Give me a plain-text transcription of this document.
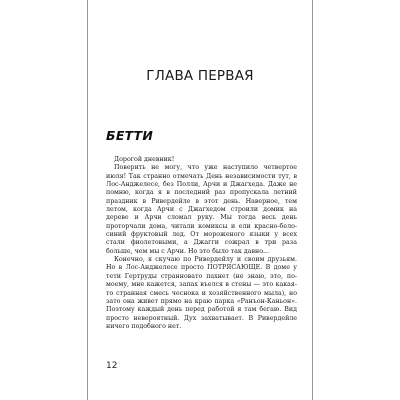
ГЛАВА ПЕРВАЯ
БЕТТИ

Дорогой дневник!

Поверить не могу, что уже наступило четвертое июля! Так странно отмечать День независимости тут, в Лос-Анджелесе, без Полли, Арчи и Джагхеда. Даже не помню, когда я в последний раз пропускала летний праздник в Ривердейле в этот день. Наверное, тем летом, когда Арчи с Джагхедом строили домик на дереве и Арчи сломал руку. Мы тогда весь день проторчали дома, читали комиксы и ели красно-бело-синий фруктовый лед. От мороженого языки у всех стали фиолетовыми, а Джагги сожрал в три раза больше, чем мы с Арчи. Но это было так давно...

Конечно, я скучаю по Ривердейлу и своим друзьям. Но в Лос-Анджелесе просто ПОТРЯСАЮЩЕ. В доме у тети Гертруды странновато пахнет (не знаю, это, по-моему, мне кажется, запах въелся в стены — это какая-то странная смесь чеснока и хозяйственного мыла), но зато она живет прямо на краю парка «Ранъон-Каньон». Поэтому каждый день перед работой я там бегаю. Вид просто невероятный. Дух захватывает. В Ривердейле ничего подобного нет.

12
